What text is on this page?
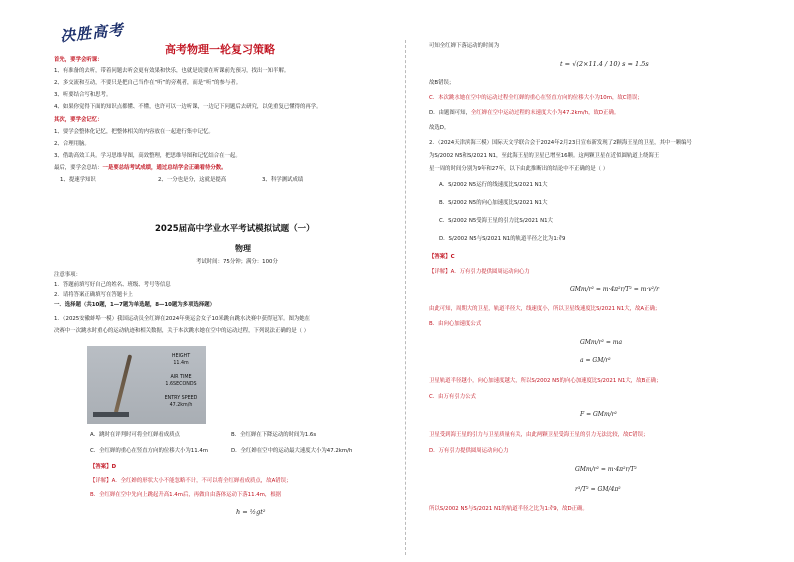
决胜高考
高考物理一轮复习策略
首先，要学会听课：
1、有准备的去听，带着问题去听会更有效果和快乐，也就是说要在听课前先预习，找出一知半解。
2、多交流和互动，不要只是把自己当作在“听”的旁观者，而是“听”的参与者。
3、听要结合写和思考。
4、如果你觉得下面的知识点都懂、不懂，也许可以一边听课，一边记下问题后去研究，以免重复已懂得的再学。
其次，要学会记忆：
1、要学会整体化记忆，把整体相关的内容放在一起进行集中记忆。
2、合理用脑。
3、借助高效工具。学习思维导图，高效整理，把思维导图和记忆结合在一起。
最后，要学会总结：一是要总结考试成绩，通过总结学会正确看待分数。
1、提速学知识	2、一分也是分，这就是提高	3、科学测试成绩
2025届高中学业水平考试模拟试题（一）
物理
考试时间：75分钟；满分：100分
注意事项：
1．答题前填写好自己的姓名、班级、考号等信息
2．请将答案正确填写在答题卡上
一．选择题（共10题，1—7题为单选题，8—10题为多项选择题）
1．（2025安徽蚌埠一模）我国运动员全红婵在2024年奥运会女子10米跳台跳水决赛中获得冠军。图为她在
决赛中一次跳水时重心的运动轨迹和相关数据，关于本次跳水她在空中的运动过程，下列说法正确的是（ ）
HEIGHT
11.4m
AIR TIME
1.6SECONDS
ENTRY SPEED
47.2km/h
A．跳时在评判时可将全红婵看成质点	B．全红婵在下降运动的时间为1.6s
C．全红婵的重心在竖直方向的位移大小为11.4m	D．全红婵在空中的运动最大速度大小为47.2km/h
【答案】D
【详解】A．全红婵的形状大小不能忽略不计，不可以将全红婵看成质点，故A错误；
B．全红婵在空中先向上跳起升高1.4m后，再做自由落体运动下落11.4m，根据
h = ½gt²
可知全红婵下落运动的时间为
t = √(2×11.4 / 10) s ≈ 1.5s
故B错误；
C．本次跳水她在空中的运动过程全红婵的重心在竖直方向的位移大小为10m，故C错误；
D．由题图可知，全红婵在空中运动过程的末速度大小为47.2km/h，故D正确。
故选D。
2．（2024天津滨海三模）国际天文学联合会于2024年2月23日宣布新发现了2颗海王星的卫星，其中一颗编号
为S/2002 N5和S/2021 N1，至此海王星的卫星已增至16颗。这两颗卫星在近似圆轨道上绕海王
星一周的时间分别为9年和27年，以下由此推断出的结论中不正确的是（ ）
A．S/2002 N5运行的线速度比S/2021 N1大
B．S/2002 N5的向心加速度比S/2021 N1大
C．S/2002 N5受海王星的引力比S/2021 N1大
D．S/2002 N5与S/2021 N1的轨道半径之比为1:∛9
【答案】C
【详解】A．万有引力提供圆周运动向心力
GMm/r² = m·4π²r/T² = m·v²/r
由此可知，周期大的卫星，轨道半径大，线速度小，所以卫星线速度比S/2021 N1大，故A正确；
B．由向心加速度公式
GMm/r² = ma
a = GM/r²
卫星轨道半径越小，向心加速度越大，所以S/2002 N5的向心加速度比S/2021 N1大，故B正确；
C．由万有引力公式
F = GMm/r²
卫星受到海王星的引力与卫星质量有关，由此两颗卫星受海王星的引力无法比较，故C错误；
D．万有引力提供圆周运动向心力
GMm/r² = m·4π²r/T²
r³/T² = GM/4π²
所以S/2002 N5与S/2021 N1的轨道半径之比为1:∛9，故D正确。
